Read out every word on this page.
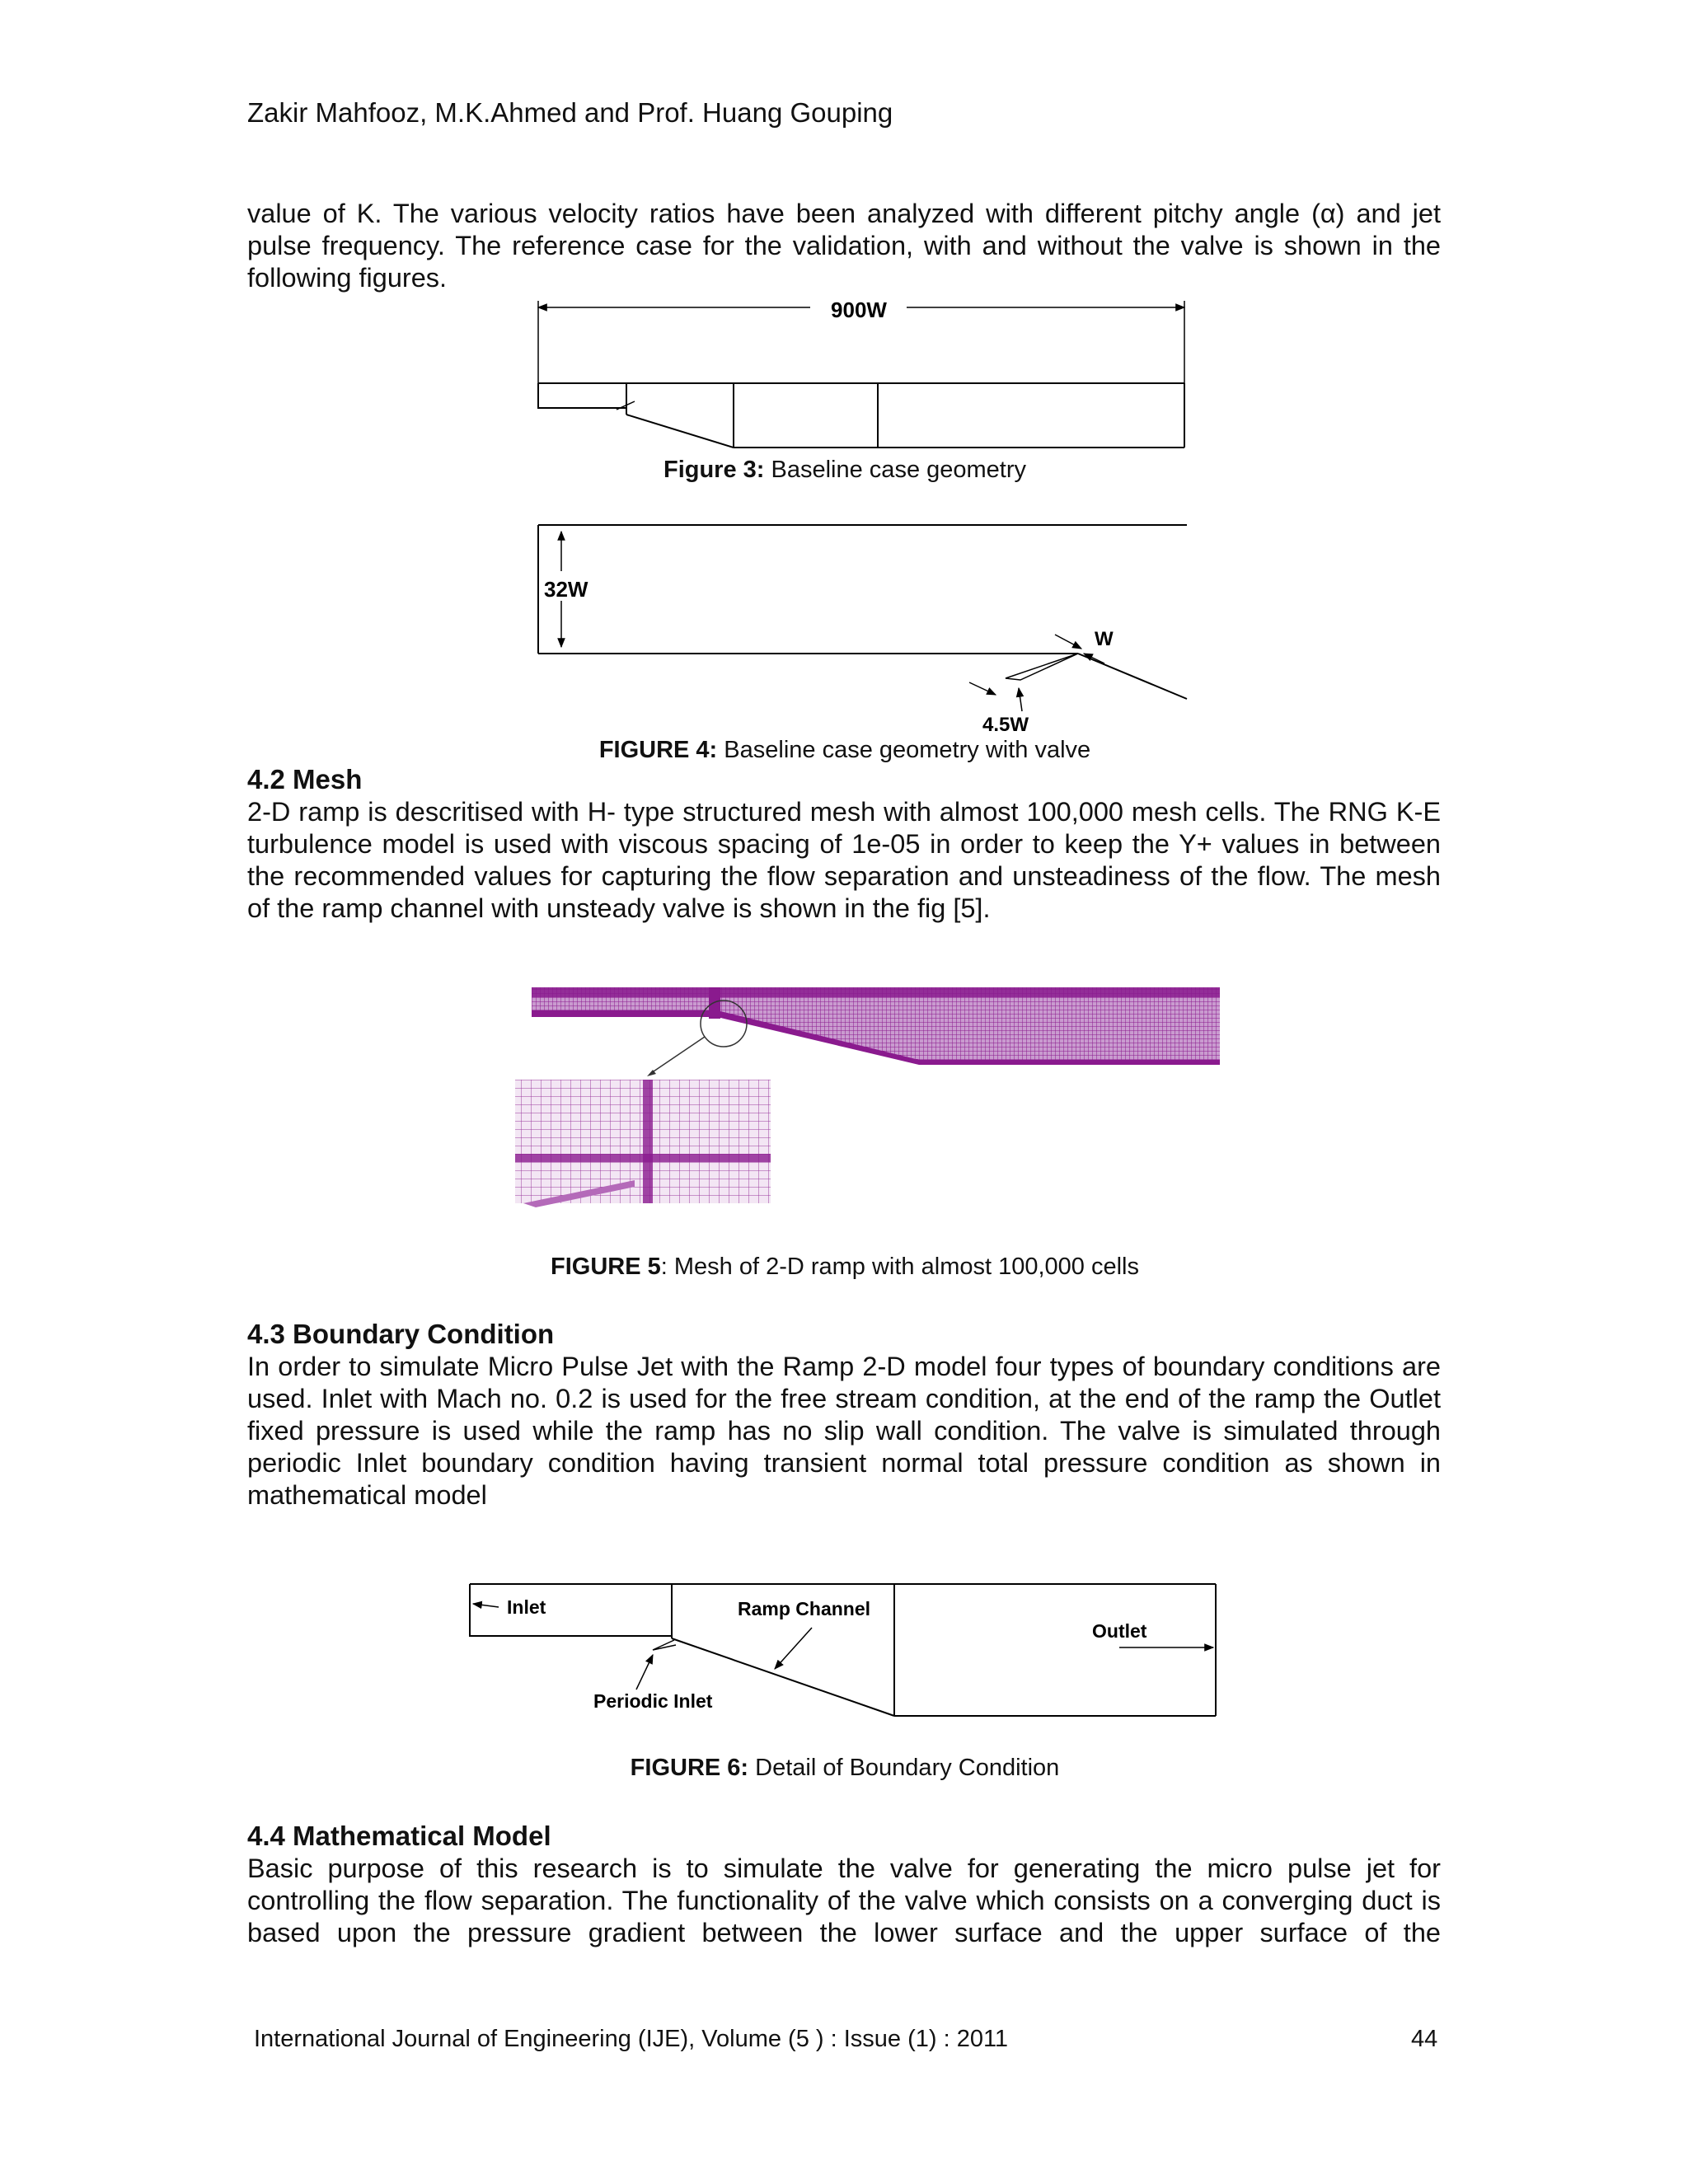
Zakir Mahfooz, M.K.Ahmed and Prof. Huang Gouping

value of K. The various velocity ratios have been analyzed with different pitchy angle (α) and jet pulse frequency. The reference case for the validation, with and without the valve is shown in the following figures.

900W
Figure 3: Baseline case geometry
32W
W
4.5W
FIGURE 4: Baseline case geometry with valve
4.2 Mesh

2-D ramp is descritised with H- type structured mesh with almost 100,000 mesh cells. The RNG K-E turbulence model is used with viscous spacing of 1e-05 in order to keep the Y+ values in between the recommended values for capturing the flow separation and unsteadiness of the flow. The mesh of the ramp channel with unsteady valve is shown in the fig [5].

FIGURE 5: Mesh of 2-D ramp with almost 100,000 cells
4.3 Boundary Condition

In order to simulate Micro Pulse Jet with the Ramp 2-D model four types of boundary conditions are used. Inlet with Mach no. 0.2 is used for the free stream condition, at the end of the ramp the Outlet fixed pressure is used while the ramp has no slip wall condition. The valve is simulated through periodic Inlet boundary condition having transient normal total pressure condition as shown in mathematical model

Inlet	Ramp Channel
Outlet
Periodic Inlet
FIGURE 6: Detail of Boundary Condition
4.4 Mathematical Model

Basic purpose of this research is to simulate the valve for generating the micro pulse jet for controlling the flow separation. The functionality of the valve which consists on a converging duct is based upon the pressure gradient between the lower surface and the upper surface of the

International Journal of Engineering (IJE), Volume (5 ) : Issue (1) : 2011	44
